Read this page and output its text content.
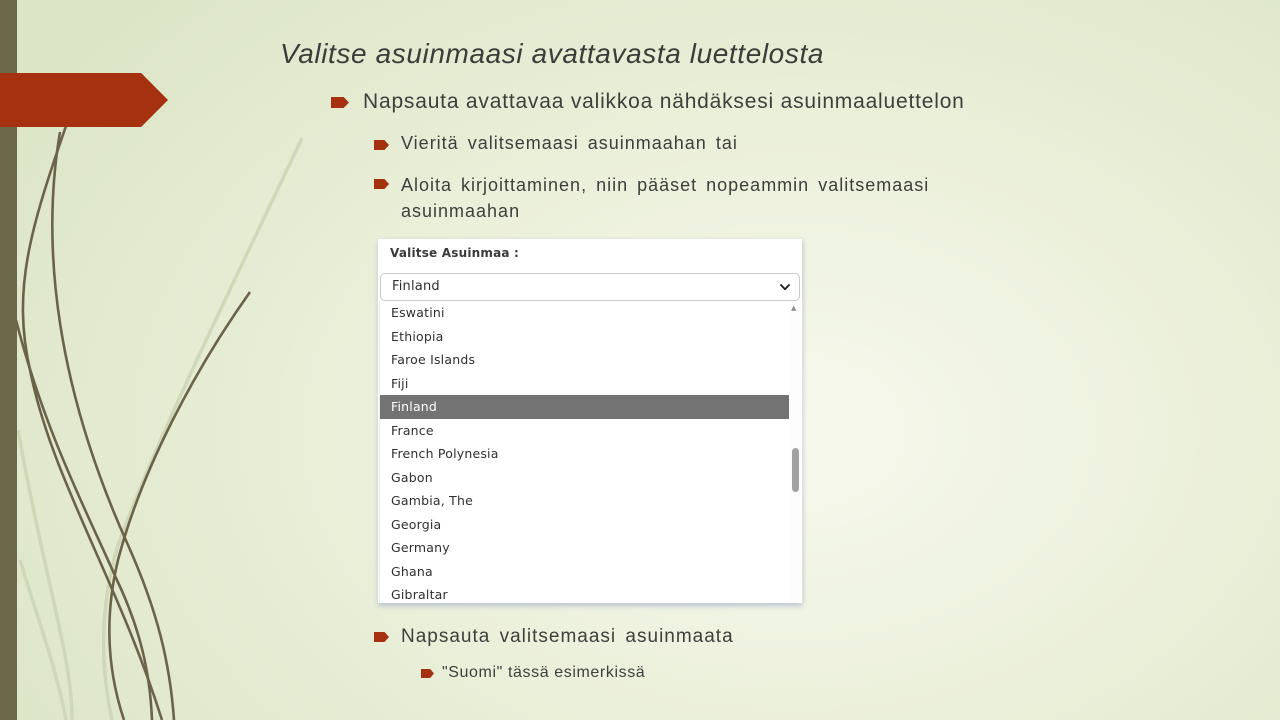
Valitse asuinmaasi avattavasta luettelosta
Napsauta avattavaa valikkoa nähdäksesi asuinmaaluettelon
Vieritä valitsemaasi asuinmaahan tai
Aloita kirjoittaminen, niin pääset nopeammin valitsemaasi asuinmaahan
Valitse Asuinmaa :
Finland
Eswatini
Ethiopia
Faroe Islands
Fiji
Finland
France
French Polynesia
Gabon
Gambia, The
Georgia
Germany
Ghana
Gibraltar
▲
Napsauta valitsemaasi asuinmaata
"Suomi" tässä esimerkissä
